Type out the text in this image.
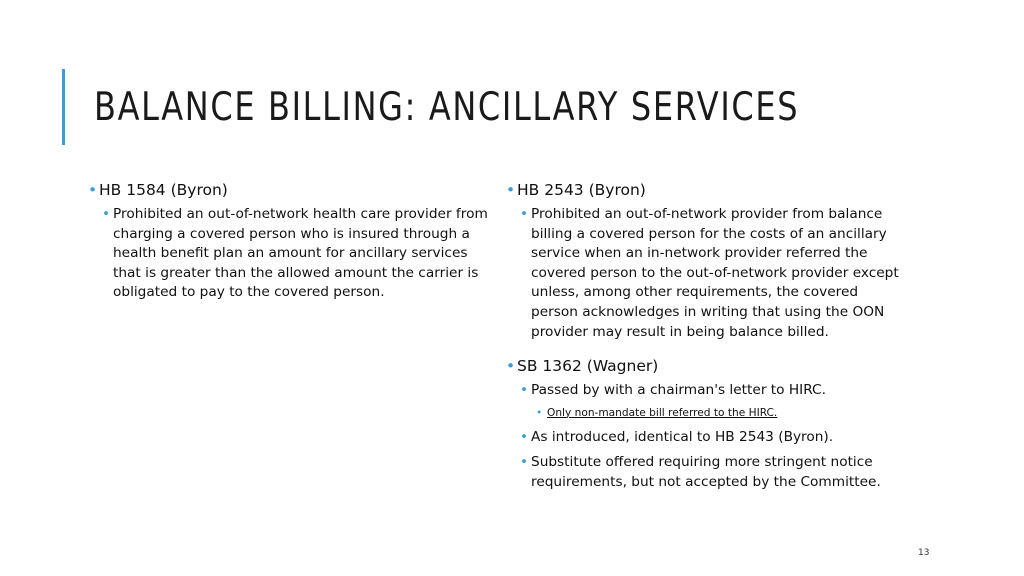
BALANCE BILLING: ANCILLARY SERVICES

• HB 1584 (Byron)

• Prohibited an out-of-network health care provider from charging a covered person who is insured through a health benefit plan an amount for ancillary services that is greater than the allowed amount the carrier is obligated to pay to the covered person.

• HB 2543 (Byron)

• Prohibited an out-of-network provider from balance billing a covered person for the costs of an ancillary service when an in-network provider referred the covered person to the out-of-network provider except unless, among other requirements, the covered person acknowledges in writing that using the OON provider may result in being balance billed.

• SB 1362 (Wagner)

• Passed by with a chairman's letter to HIRC.

• Only non-mandate bill referred to the HIRC.

• As introduced, identical to HB 2543 (Byron).

• Substitute offered requiring more stringent notice requirements, but not accepted by the Committee.

13
